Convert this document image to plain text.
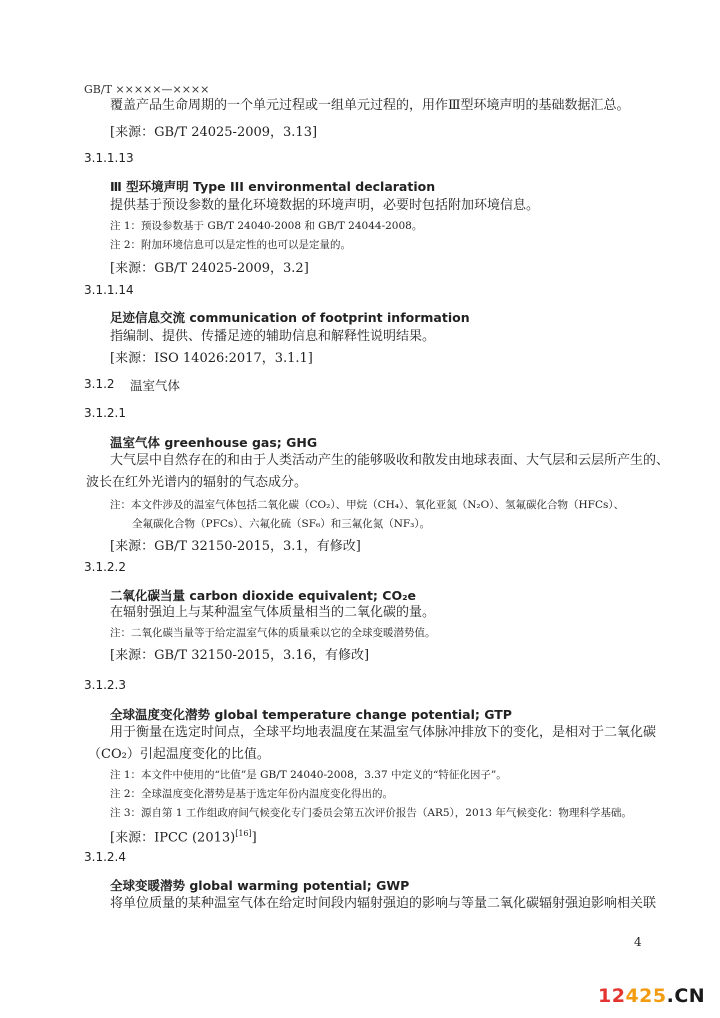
GB/T ×××××—××××
覆盖产品生命周期的一个单元过程或一组单元过程的，用作Ⅲ型环境声明的基础数据汇总。
[来源：GB/T 24025-2009，3.13]
3.1.1.13
Ⅲ 型环境声明 Type III environmental declaration
提供基于预设参数的量化环境数据的环境声明，必要时包括附加环境信息。
注 1：预设参数基于 GB/T 24040-2008 和 GB/T 24044-2008。
注 2：附加环境信息可以是定性的也可以是定量的。
[来源：GB/T 24025-2009，3.2]
3.1.1.14
足迹信息交流 communication of footprint information
指编制、提供、传播足迹的辅助信息和解释性说明结果。
[来源：ISO 14026:2017，3.1.1]
3.1.2 温室气体
3.1.2.1
温室气体 greenhouse gas; GHG
大气层中自然存在的和由于人类活动产生的能够吸收和散发由地球表面、大气层和云层所产生的、
波长在红外光谱内的辐射的气态成分。
注：本文件涉及的温室气体包括二氧化碳（CO₂）、甲烷（CH₄）、氧化亚氮（N₂O）、氢氟碳化合物（HFCs）、
全氟碳化合物（PFCs）、六氟化硫（SF₆）和三氟化氮（NF₃）。
[来源：GB/T 32150-2015，3.1，有修改]
3.1.2.2
二氧化碳当量 carbon dioxide equivalent; CO₂e
在辐射强迫上与某种温室气体质量相当的二氧化碳的量。
注：二氧化碳当量等于给定温室气体的质量乘以它的全球变暖潜势值。
[来源：GB/T 32150-2015，3.16，有修改]
3.1.2.3
全球温度变化潜势 global temperature change potential; GTP
用于衡量在选定时间点，全球平均地表温度在某温室气体脉冲排放下的变化，是相对于二氧化碳
（CO₂）引起温度变化的比值。
注 1：本文件中使用的“比值”是 GB/T 24040-2008，3.37 中定义的“特征化因子”。
注 2：全球温度变化潜势是基于选定年份内温度变化得出的。
注 3：源自第 1 工作组政府间气候变化专门委员会第五次评价报告（AR5），2013 年气候变化：物理科学基础。
[来源：IPCC (2013)[16]]
3.1.2.4
全球变暖潜势 global warming potential; GWP
将单位质量的某种温室气体在给定时间段内辐射强迫的影响与等量二氧化碳辐射强迫影响相关联
4
12425.CN
